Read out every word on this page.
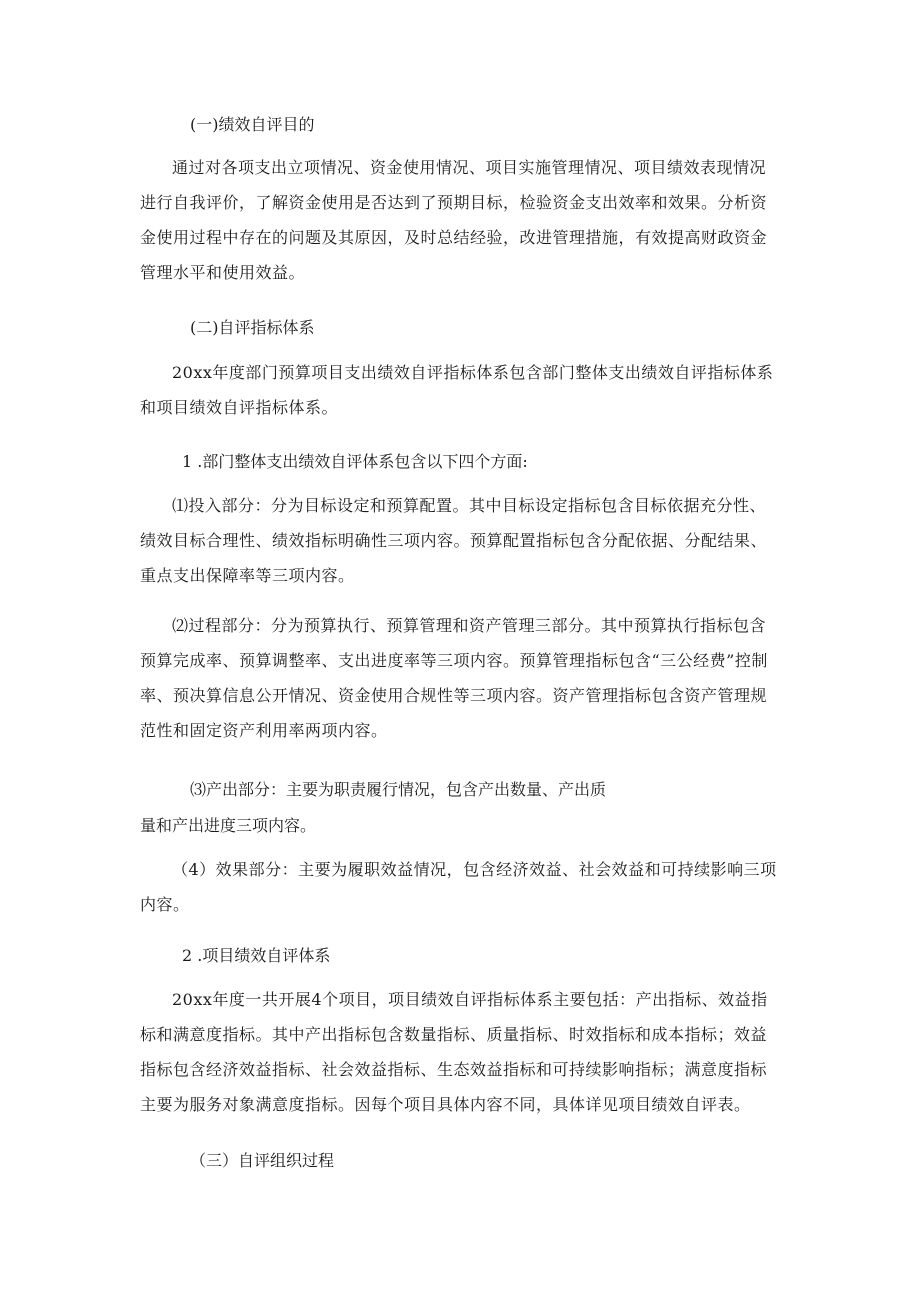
(一)绩效自评目的
通过对各项支出立项情况、资金使用情况、项目实施管理情况、项目绩效表现情况进行自我评价，了解资金使用是否达到了预期目标，检验资金支出效率和效果。分析资金使用过程中存在的问题及其原因，及时总结经验，改进管理措施，有效提高财政资金管理水平和使用效益。
(二)自评指标体系
20xx年度部门预算项目支出绩效自评指标体系包含部门整体支出绩效自评指标体系和项目绩效自评指标体系。
1 .部门整体支出绩效自评体系包含以下四个方面:
⑴投入部分：分为目标设定和预算配置。其中目标设定指标包含目标依据充分性、绩效目标合理性、绩效指标明确性三项内容。预算配置指标包含分配依据、分配结果、重点支出保障率等三项内容。
⑵过程部分：分为预算执行、预算管理和资产管理三部分。其中预算执行指标包含预算完成率、预算调整率、支出进度率等三项内容。预算管理指标包含“三公经费”控制率、预决算信息公开情况、资金使用合规性等三项内容。资产管理指标包含资产管理规范性和固定资产利用率两项内容。
⑶产出部分：主要为职责履行情况，包含产出数量、产出质
量和产出进度三项内容。
（4）效果部分：主要为履职效益情况，包含经济效益、社会效益和可持续影响三项内容。
2 .项目绩效自评体系
20xx年度一共开展4个项目，项目绩效自评指标体系主要包括：产出指标、效益指标和满意度指标。其中产出指标包含数量指标、质量指标、时效指标和成本指标；效益指标包含经济效益指标、社会效益指标、生态效益指标和可持续影响指标；满意度指标主要为服务对象满意度指标。因每个项目具体内容不同，具体详见项目绩效自评表。
（三）自评组织过程
